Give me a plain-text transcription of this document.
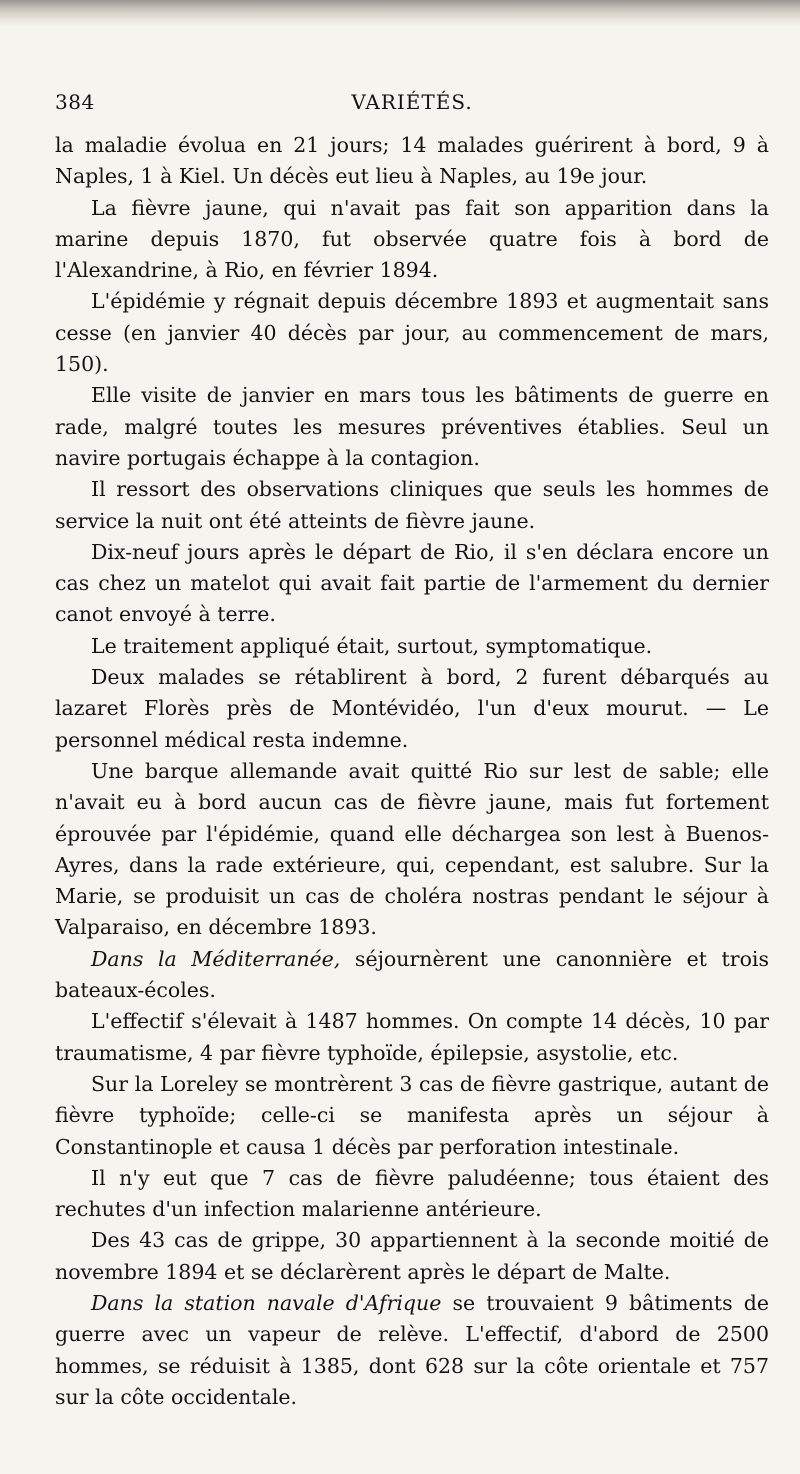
384	VARIÉTÉS.

la maladie évolua en 21 jours; 14 malades guérirent à bord, 9 à Naples, 1 à Kiel. Un décès eut lieu à Naples, au 19e jour.

La fièvre jaune, qui n'avait pas fait son apparition dans la marine depuis 1870, fut observée quatre fois à bord de l'Alexandrine, à Rio, en février 1894.

L'épidémie y régnait depuis décembre 1893 et augmentait sans cesse (en janvier 40 décès par jour, au commencement de mars, 150).

Elle visite de janvier en mars tous les bâtiments de guerre en rade, malgré toutes les mesures préventives établies. Seul un navire portugais échappe à la contagion.

Il ressort des observations cliniques que seuls les hommes de service la nuit ont été atteints de fièvre jaune.

Dix-neuf jours après le départ de Rio, il s'en déclara encore un cas chez un matelot qui avait fait partie de l'armement du dernier canot envoyé à terre.

Le traitement appliqué était, surtout, symptomatique.

Deux malades se rétablirent à bord, 2 furent débarqués au lazaret Florès près de Montévidéo, l'un d'eux mourut. — Le personnel médical resta indemne.

Une barque allemande avait quitté Rio sur lest de sable; elle n'avait eu à bord aucun cas de fièvre jaune, mais fut fortement éprouvée par l'épidémie, quand elle déchargea son lest à Buenos-Ayres, dans la rade extérieure, qui, cependant, est salubre. Sur la Marie, se produisit un cas de choléra nostras pendant le séjour à Valparaiso, en décembre 1893.

Dans la Méditerranée, séjournèrent une canonnière et trois bateaux-écoles.

L'effectif s'élevait à 1487 hommes. On compte 14 décès, 10 par traumatisme, 4 par fièvre typhoïde, épilepsie, asystolie, etc.

Sur la Loreley se montrèrent 3 cas de fièvre gastrique, autant de fièvre typhoïde; celle-ci se manifesta après un séjour à Constantinople et causa 1 décès par perforation intestinale.

Il n'y eut que 7 cas de fièvre paludéenne; tous étaient des rechutes d'un infection malarienne antérieure.

Des 43 cas de grippe, 30 appartiennent à la seconde moitié de novembre 1894 et se déclarèrent après le départ de Malte.

Dans la station navale d'Afrique se trouvaient 9 bâtiments de guerre avec un vapeur de relève. L'effectif, d'abord de 2500 hommes, se réduisit à 1385, dont 628 sur la côte orientale et 757 sur la côte occidentale.
